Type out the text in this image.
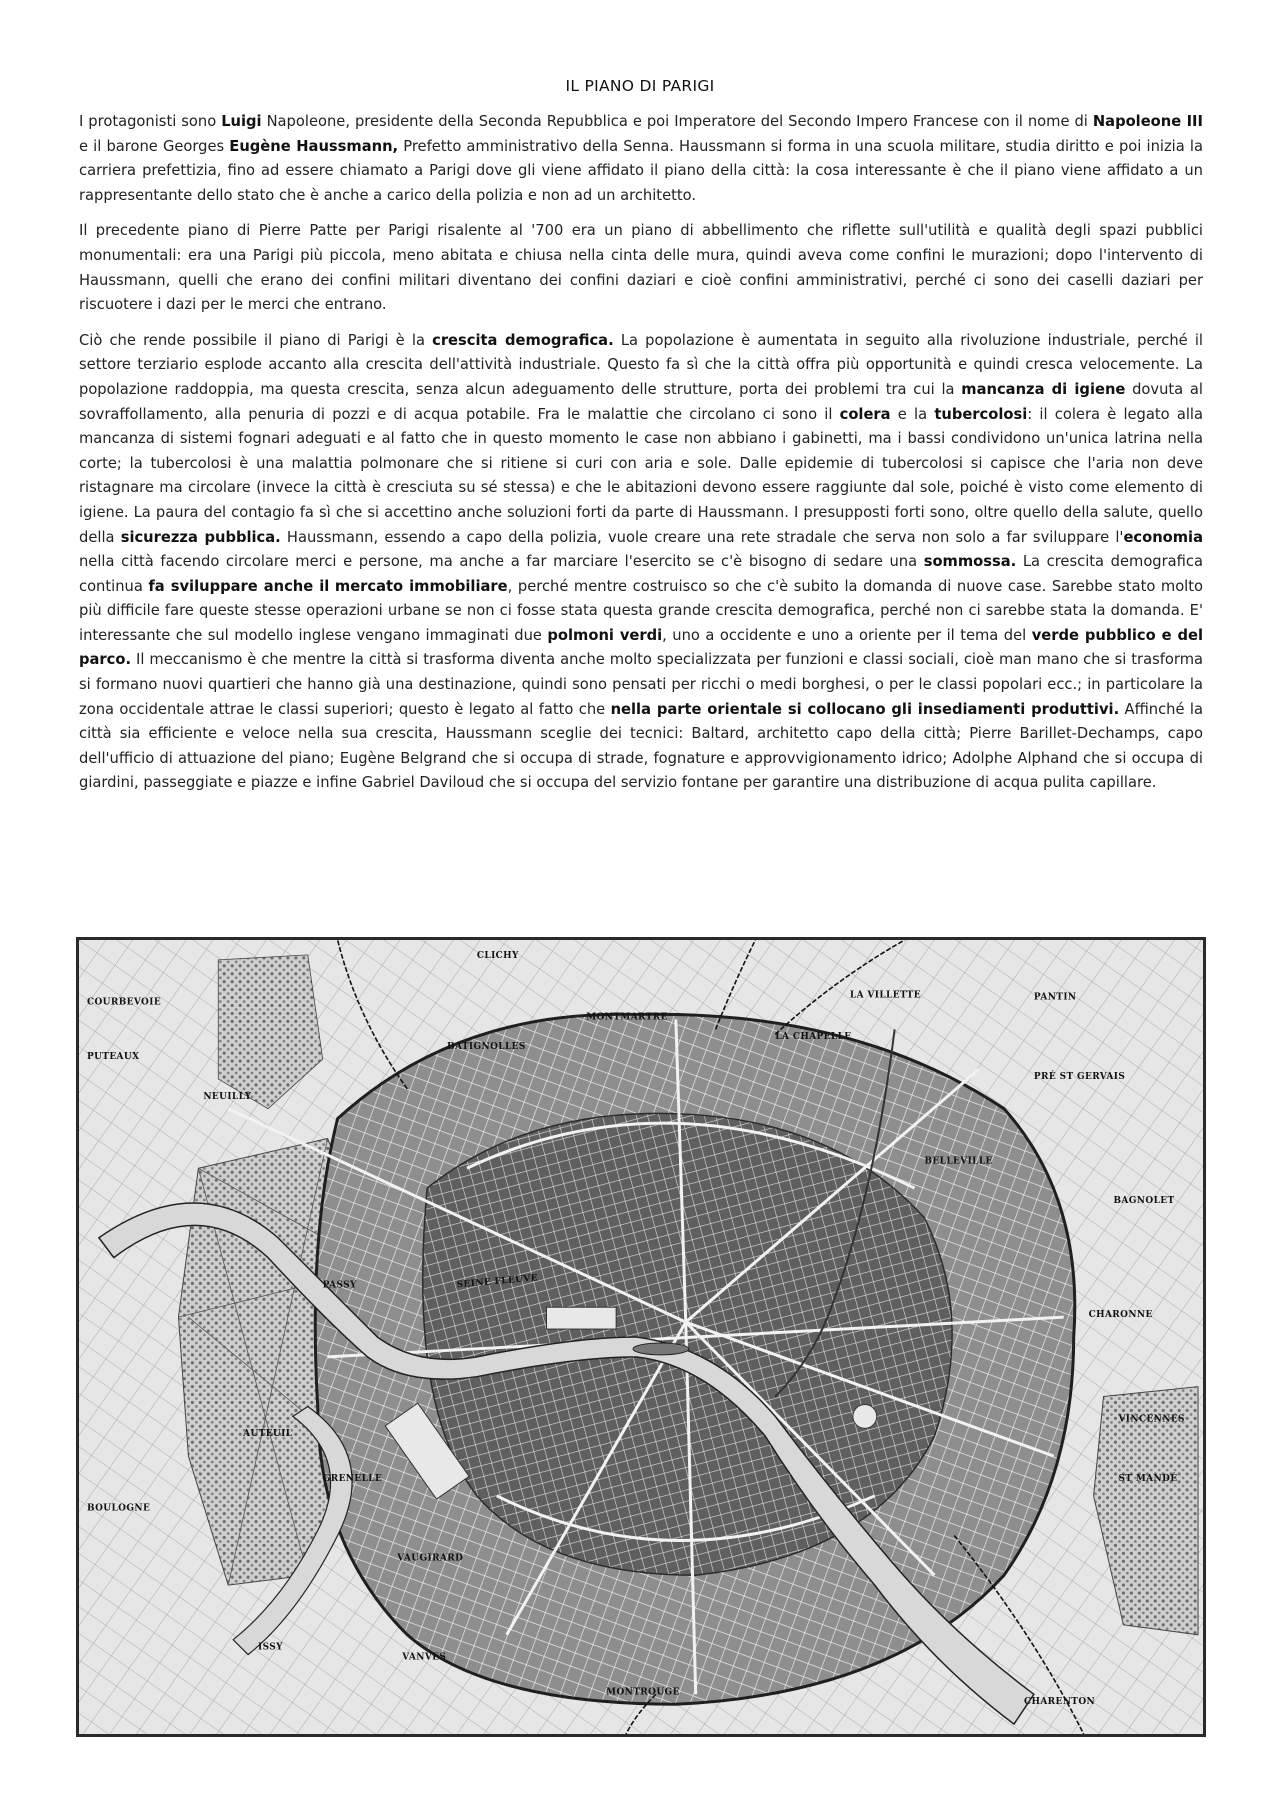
IL PIANO DI PARIGI

I protagonisti sono Luigi Napoleone, presidente della Seconda Repubblica e poi Imperatore del Secondo Impero Francese con il nome di Napoleone III e il barone Georges Eugène Haussmann, Prefetto amministrativo della Senna. Haussmann si forma in una scuola militare, studia diritto e poi inizia la carriera prefettizia, fino ad essere chiamato a Parigi dove gli viene affidato il piano della città: la cosa interessante è che il piano viene affidato a un rappresentante dello stato che è anche a carico della polizia e non ad un architetto.

Il precedente piano di Pierre Patte per Parigi risalente al '700 era un piano di abbellimento che riflette sull'utilità e qualità degli spazi pubblici monumentali: era una Parigi più piccola, meno abitata e chiusa nella cinta delle mura, quindi aveva come confini le murazioni; dopo l'intervento di Haussmann, quelli che erano dei confini militari diventano dei confini daziari e cioè confini amministrativi, perché ci sono dei caselli daziari per riscuotere i dazi per le merci che entrano.

Ciò che rende possibile il piano di Parigi è la crescita demografica. La popolazione è aumentata in seguito alla rivoluzione industriale, perché il settore terziario esplode accanto alla crescita dell'attività industriale. Questo fa sì che la città offra più opportunità e quindi cresca velocemente. La popolazione raddoppia, ma questa crescita, senza alcun adeguamento delle strutture, porta dei problemi tra cui la mancanza di igiene dovuta al sovraffollamento, alla penuria di pozzi e di acqua potabile. Fra le malattie che circolano ci sono il colera e la tubercolosi: il colera è legato alla mancanza di sistemi fognari adeguati e al fatto che in questo momento le case non abbiano i gabinetti, ma i bassi condividono un'unica latrina nella corte; la tubercolosi è una malattia polmonare che si ritiene si curi con aria e sole. Dalle epidemie di tubercolosi si capisce che l'aria non deve ristagnare ma circolare (invece la città è cresciuta su sé stessa) e che le abitazioni devono essere raggiunte dal sole, poiché è visto come elemento di igiene. La paura del contagio fa sì che si accettino anche soluzioni forti da parte di Haussmann. I presupposti forti sono, oltre quello della salute, quello della sicurezza pubblica. Haussmann, essendo a capo della polizia, vuole creare una rete stradale che serva non solo a far sviluppare l'economia nella città facendo circolare merci e persone, ma anche a far marciare l'esercito se c'è bisogno di sedare una sommossa. La crescita demografica continua fa sviluppare anche il mercato immobiliare, perché mentre costruisco so che c'è subito la domanda di nuove case. Sarebbe stato molto più difficile fare queste stesse operazioni urbane se non ci fosse stata questa grande crescita demografica, perché non ci sarebbe stata la domanda. E' interessante che sul modello inglese vengano immaginati due polmoni verdi, uno a occidente e uno a oriente per il tema del verde pubblico e del parco. Il meccanismo è che mentre la città si trasforma diventa anche molto specializzata per funzioni e classi sociali, cioè man mano che si trasforma si formano nuovi quartieri che hanno già una destinazione, quindi sono pensati per ricchi o medi borghesi, o per le classi popolari ecc.; in particolare la zona occidentale attrae le classi superiori; questo è legato al fatto che nella parte orientale si collocano gli insediamenti produttivi. Affinché la città sia efficiente e veloce nella sua crescita, Haussmann sceglie dei tecnici: Baltard, architetto capo della città; Pierre Barillet-Dechamps, capo dell'ufficio di attuazione del piano; Eugène Belgrand che si occupa di strade, fognature e approvvigionamento idrico; Adolphe Alphand che si occupa di giardini, passeggiate e piazze e infine Gabriel Daviloud che si occupa del servizio fontane per garantire una distribuzione di acqua pulita capillare.

CLICHY
BATIGNOLLES
MONTMARTRE
LA CHAPELLE
LA VILLETTE	PANTIN
PRÉ ST GERVAIS
BELLEVILLE
BAGNOLET
CHARONNE
VINCENNES
ST MANDÉ
COURBEVOIE
PUTEAUX
NEUILLY
PASSY
AUTEUIL
GRENELLE
VAUGIRARD
BOULOGNE
ISSY
VANVES
MONTROUGE
CHARENTON
SEINE FLEUVE
